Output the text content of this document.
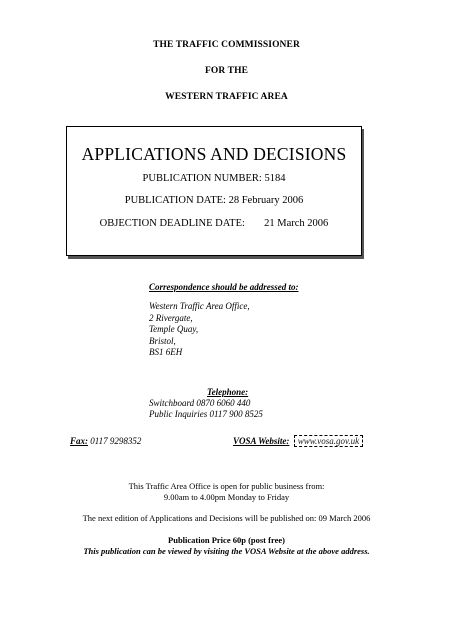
THE TRAFFIC COMMISSIONER
FOR THE
WESTERN TRAFFIC AREA
APPLICATIONS AND DECISIONS
PUBLICATION NUMBER: 5184
PUBLICATION DATE: 28 February 2006
OBJECTION DEADLINE DATE: 21 March 2006
Correspondence should be addressed to:
Western Traffic Area Office,
2 Rivergate,
Temple Quay,
Bristol,
BS1 6EH
Telephone:
Switchboard 0870 6060 440
Public Inquiries 0117 900 8525
Fax: 0117 9298352	VOSA Website: www.vosa.gov.uk
This Traffic Area Office is open for public business from:
9.00am to 4.00pm Monday to Friday
The next edition of Applications and Decisions will be published on: 09 March 2006
Publication Price 60p (post free)
This publication can be viewed by visiting the VOSA Website at the above address.
